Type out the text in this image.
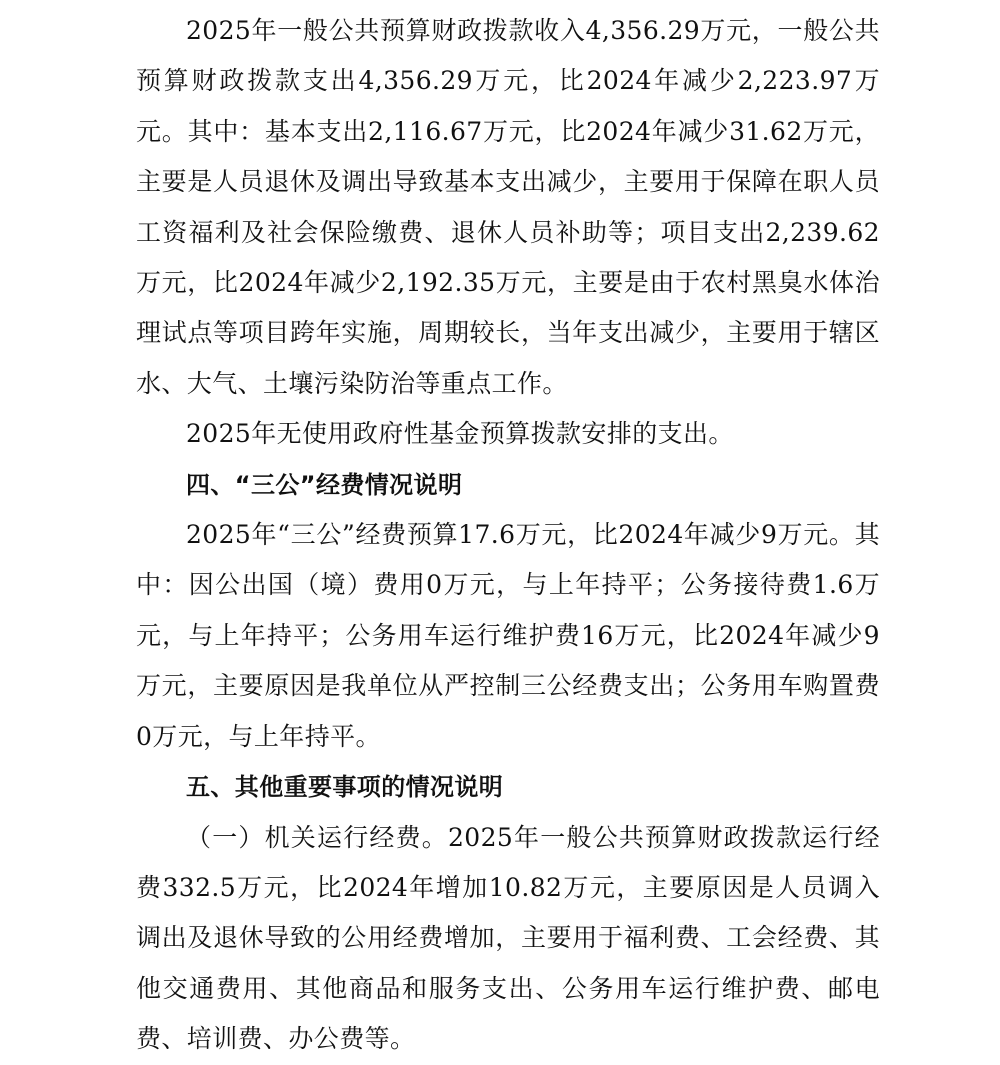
2025年一般公共预算财政拨款收入4,356.29万元，一般公共预算财政拨款支出4,356.29万元，比2024年减少2,223.97万元。其中：基本支出2,116.67万元，比2024年减少31.62万元，主要是人员退休及调出导致基本支出减少，主要用于保障在职人员工资福利及社会保险缴费、退休人员补助等；项目支出2,239.62万元，比2024年减少2,192.35万元，主要是由于农村黑臭水体治理试点等项目跨年实施，周期较长，当年支出减少，主要用于辖区水、大气、土壤污染防治等重点工作。

2025年无使用政府性基金预算拨款安排的支出。

四、“三公”经费情况说明

2025年“三公”经费预算17.6万元，比2024年减少9万元。其中：因公出国（境）费用0万元，与上年持平；公务接待费1.6万元，与上年持平；公务用车运行维护费16万元，比2024年减少9万元，主要原因是我单位从严控制三公经费支出；公务用车购置费0万元，与上年持平。

五、其他重要事项的情况说明

（一）机关运行经费。2025年一般公共预算财政拨款运行经费332.5万元，比2024年增加10.82万元，主要原因是人员调入调出及退休导致的公用经费增加，主要用于福利费、工会经费、其他交通费用、其他商品和服务支出、公务用车运行维护费、邮电费、培训费、办公费等。
